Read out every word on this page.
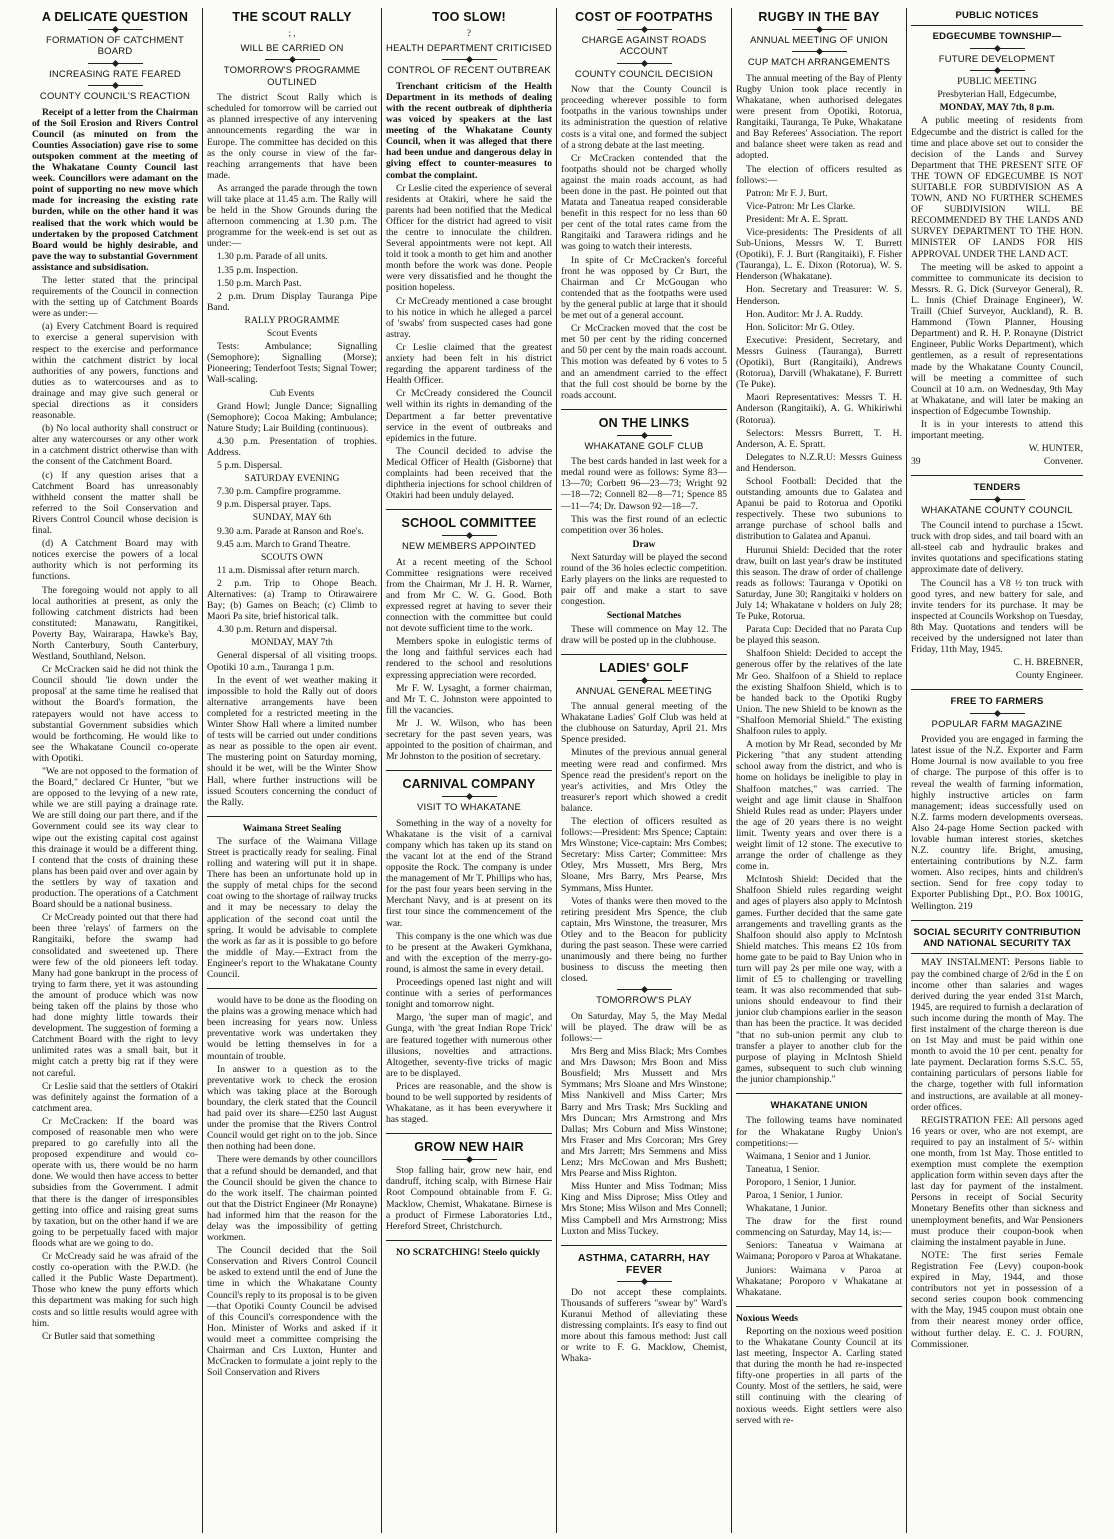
A DELICATE QUESTION
FORMATION OF CATCHMENT BOARD
INCREASING RATE FEARED
COUNTY COUNCIL'S REACTION

Receipt of a letter from the Chairman of the Soil Erosion and Rivers Control Council (as minuted on from the Counties Association) gave rise to some outspoken comment at the meeting of the Whakatane County Council last week. Councillors were adamant on the point of supporting no new move which made for increasing the existing rate burden, while on the other hand it was realised that the work which would be undertaken by the proposed Catchment Board would be highly desirable, and pave the way to substantial Government assistance and subsidisation.

The letter stated that the principal requirements of the Council in connection with the setting up of Catchment Boards were as under:—

(a) Every Catchment Board is required to exercise a general supervision with respect to the exercise and performance within the catchment district by local authorities of any powers, functions and duties as to watercourses and as to drainage and may give such general or special directions as it considers reasonable.

(b) No local authority shall construct or alter any watercourses or any other work in a catchment district otherwise than with the consent of the Catchment Board.

(c) If any question arises that a Catchment Board has unreasonably withheld consent the matter shall be referred to the Soil Conservation and Rivers Control Council whose decision is final.

(d) A Catchment Board may with notices exercise the powers of a local authority which is not performing its functions.

The foregoing would not apply to all local authorities at present, as only the following catchment districts had been constituted: Manawatu, Rangitikei, Poverty Bay, Wairarapa, Hawke's Bay, North Canterbury, South Canterbury, Westland, Southland, Nelson.

Cr McCracken said he did not think the Council should 'lie down under the proposal' at the same time he realised that without the Board's formation, the ratepayers would not have access to substantial Government subsidies which would be forthcoming. He would like to see the Whakatane Council co-operate with Opotiki.

"We are not opposed to the formation of the Board," declared Cr Hunter, "but we are opposed to the levying of a new rate, while we are still paying a drainage rate. We are still doing our part there, and if the Government could see its way clear to wipe out the existing capital cost against this drainage it would be a different thing. I contend that the costs of draining these plans has been paid over and over again by the settlers by way of taxation and production. The operations of a Catchment Board should be a national business.

Cr McCready pointed out that there had been three 'relays' of farmers on the Rangitaiki, before the swamp had consolidated and sweetened up. There were few of the old pioneers left today. Many had gone bankrupt in the process of trying to farm there, yet it was astounding the amount of produce which was now being taken off the plains by those who had done mighty little towards their development. The suggestion of forming a Catchment Board with the right to levy unlimited rates was a small bait, but it might catch a pretty big rat if they were not careful.

Cr Leslie said that the settlers of Otakiri was definitely against the formation of a catchment area.

Cr McCracken: If the board was composed of reasonable men who were prepared to go carefully into all the proposed expenditure and would co-operate with us, there would be no harm done. We would then have access to better subsidies from the Government. I admit that there is the danger of irresponsibles getting into office and raising great sums by taxation, but on the other hand if we are going to be perpetually faced with major floods what are we going to do.

Cr McCready said he was afraid of the costly co-operation with the P.W.D. (he called it the Public Waste Department). Those who knew the puny efforts which this department was making for such high costs and so little results would agree with him.

Cr Butler said that something

THE SCOUT RALLY
; ,
WILL BE CARRIED ON
TOMORROW'S PROGRAMME OUTLINED

The district Scout Rally which is scheduled for tomorrow will be carried out as planned irrespective of any intervening announcements regarding the war in Europe. The committee has decided on this as the only course in view of the far-reaching arrangements that have been made.

As arranged the parade through the town will take place at 11.45 a.m. The Rally will be held in the Show Grounds during the afternoon commencing at 1.30 p.m. The programme for the week-end is set out as under:—

1.30 p.m. Parade of all units.

1.35 p.m. Inspection.

1.50 p.m. March Past.

2 p.m. Drum Display Tauranga Pipe Band.

RALLY PROGRAMME

Scout Events

Tests: Ambulance; Signalling (Semophore); Signalling (Morse); Pioneering; Tenderfoot Tests; Signal Tower; Wall-scaling.

Cub Events

Grand Howl; Jungle Dance; Signalling (Semophore); Cocoa Making; Ambulance; Nature Study; Lair Building (continuous).

4.30 p.m. Presentation of trophies. Address.

5 p.m. Dispersal.

SATURDAY EVENING

7.30 p.m. Campfire programme.

9 p.m. Dispersal prayer. Taps.

SUNDAY, MAY 6th

9.30 a.m. Parade at Ranson and Roe's.

9.45 a.m. March to Grand Theatre.

SCOUTS OWN

11 a.m. Dismissal after return march.

2 p.m. Trip to Ohope Beach. Alternatives: (a) Tramp to Otirawairere Bay; (b) Games on Beach; (c) Climb to Maori Pa site, brief historical talk.

4.30 p.m. Return and dispersal.

MONDAY, MAY 7th

General dispersal of all visiting troops. Opotiki 10 a.m., Tauranga 1 p.m.

In the event of wet weather making it impossible to hold the Rally out of doors alternative arrangements have been completed for a restricted meeting in the Winter Show Hall where a limited number of tests will be carried out under conditions as near as possible to the open air event. The mustering point on Saturday morning, should it be wet, will be the Winter Show Hall, where further instructions will be issued Scouters concerning the conduct of the Rally.

Waimana Street Sealing

The surface of the Waimana Village Street is practically ready for sealing. Final rolling and watering will put it in shape. There has been an unfortunate hold up in the supply of metal chips for the second coat owing to the shortage of railway trucks and it may be necessary to delay the application of the second coat until the spring. It would be advisable to complete the work as far as it is possible to go before the middle of May.—Extract from the Engineer's report to the Whakatane County Council.

would have to be done as the flooding on the plains was a growing menace which had been increasing for years now. Unless preventative work was undertaken they would be letting themselves in for a mountain of trouble.

In answer to a question as to the preventative work to check the erosion which was taking place at the Borough boundary, the clerk stated that the Council had paid over its share—£250 last August under the promise that the Rivers Control Council would get right on to the job. Since then nothing had been done.

There were demands by other councillors that a refund should be demanded, and that the Council should be given the chance to do the work itself. The chairman pointed out that the District Engineer (Mr Ronayne) had informed him that the reason for the delay was the impossibility of getting workmen.

The Council decided that the Soil Conservation and Rivers Control Council be asked to extend until the end of June the time in which the Whakatane County Council's reply to its proposal is to be given—that Opotiki County Council be advised of this Council's correspondence with the Hon. Minister of Works and asked if it would meet a committee comprising the Chairman and Crs Luxton, Hunter and McCracken to formulate a joint reply to the Soil Conservation and Rivers

TOO SLOW!
?
HEALTH DEPARTMENT CRITICISED
CONTROL OF RECENT OUTBREAK

Trenchant criticism of the Health Department in its methods of dealing with the recent outbreak of diphtheria was voiced by speakers at the last meeting of the Whakatane County Council, when it was alleged that there had been undue and dangerous delay in giving effect to counter-measures to combat the complaint.

Cr Leslie cited the experience of several residents at Otakiri, where he said the parents had been notified that the Medical Officer for the district had agreed to visit the centre to innoculate the children. Several appointments were not kept. All told it took a month to get him and another month before the work was done. People were very dissatisfied and he thought the position hopeless.

Cr McCready mentioned a case brought to his notice in which he alleged a parcel of 'swabs' from suspected cases had gone astray.

Cr Leslie claimed that the greatest anxiety had been felt in his district regarding the apparent tardiness of the Health Officer.

Cr McCready considered the Council well within its rights in demanding of the Department a far better preventative service in the event of outbreaks and epidemics in the future.

The Council decided to advise the Medical Officer of Health (Gisborne) that complaints had been received that the diphtheria injections for school children of Otakiri had been unduly delayed.

SCHOOL COMMITTEE
NEW MEMBERS APPOINTED

At a recent meeting of the School Committee resignations were received from the Chairman, Mr J. H. R. Warner, and from Mr C. W. G. Good. Both expressed regret at having to sever their connection with the committee but could not devote sufficient time to the work.

Members spoke in eulogistic terms of the long and faithful services each had rendered to the school and resolutions expressing appreciation were recorded.

Mr F. W. Lysaght, a former chairman, and Mr T. C. Johnston were appointed to fill the vacancies.

Mr J. W. Wilson, who has been secretary for the past seven years, was appointed to the position of chairman, and Mr Johnston to the position of secretary.

CARNIVAL COMPANY
VISIT TO WHAKATANE

Something in the way of a novelty for Whakatane is the visit of a carnival company which has taken up its stand on the vacant lot at the end of the Strand opposite the Rock. The company is under the management of Mr T. Phillips who has, for the past four years been serving in the Merchant Navy, and is at present on its first tour since the commencement of the war.

This company is the one which was due to be present at the Awakeri Gymkhana, and with the exception of the merry-go-round, is almost the same in every detail.

Proceedings opened last night and will continue with a series of performances tonight and tomorrow night.

Margo, 'the super man of magic', and Gunga, with 'the great Indian Rope Trick' are featured together with numerous other illusions, novelties and attractions. Altogether, seventy-five tricks of magic are to be displayed.

Prices are reasonable, and the show is bound to be well supported by residents of Whakatane, as it has been everywhere it has staged.

GROW NEW HAIR

Stop falling hair, grow new hair, end dandruff, itching scalp, with Birnese Hair Root Compound obtainable from F. G. Macklow, Chemist, Whakatane. Birnese is a product of Firmese Laboratories Ltd., Hereford Street, Christchurch.

NO SCRATCHING! Steelo quickly

COST OF FOOTPATHS
CHARGE AGAINST ROADS ACCOUNT
COUNTY COUNCIL DECISION

Now that the County Council is proceeding wherever possible to form footpaths in the various townships under its administration the question of relative costs is a vital one, and formed the subject of a strong debate at the last meeting.

Cr McCracken contended that the footpaths should not be charged wholly against the main roads account, as had been done in the past. He pointed out that Matata and Taneatua reaped considerable benefit in this respect for no less than 60 per cent of the total rates came from the Rangitaiki and Tarawera ridings and he was going to watch their interests.

In spite of Cr McCracken's forceful front he was opposed by Cr Burt, the Chairman and Cr McGougan who contended that as the footpaths were used by the general public at large that it should be met out of a general account.

Cr McCracken moved that the cost be met 50 per cent by the riding concerned and 50 per cent by the main roads account. This motion was defeated by 6 votes to 5 and an amendment carried to the effect that the full cost should be borne by the roads account.

ON THE LINKS
WHAKATANE GOLF CLUB

The best cards handed in last week for a medal round were as follows: Syme 83—13—70; Corbett 96—23—73; Wright 92—18—72; Connell 82—8—71; Spence 85—11—74; Dr. Dawson 92—18—7.

This was the first round of an eclectic competition over 36 holes.

Draw

Next Saturday will be played the second round of the 36 holes eclectic competition. Early players on the links are requested to pair off and make a start to save congestion.

Sectional Matches

These will commence on May 12. The draw will be posted up in the clubhouse.

LADIES' GOLF
ANNUAL GENERAL MEETING

The annual general meeting of the Whakatane Ladies' Golf Club was held at the clubhouse on Saturday, April 21. Mrs Spence presided.

Minutes of the previous annual general meeting were read and confirmed. Mrs Spence read the president's report on the year's activities, and Mrs Otley the treasurer's report which showed a credit balance.

The election of officers resulted as follows:—President: Mrs Spence; Captain: Mrs Winstone; Vice-captain: Mrs Combes; Secretary: Miss Carter; Committee: Mrs Otley, Mrs Mussett, Mrs Berg, Mrs Sloane, Mrs Barry, Mrs Pearse, Mrs Symmans, Miss Hunter.

Votes of thanks were then moved to the retiring president Mrs Spence, the club captain, Mrs Winstone, the treasurer, Mrs Otley and to the Beacon for publicity during the past season. These were carried unanimously and there being no further business to discuss the meeting then closed.

TOMORROW'S PLAY

On Saturday, May 5, the May Medal will be played. The draw will be as follows:—

Mrs Berg and Miss Black; Mrs Combes and Mrs Dawson; Mrs Boon and Miss Bousfield; Mrs Mussett and Mrs Symmans; Mrs Sloane and Mrs Winstone; Miss Nankivell and Miss Carter; Mrs Barry and Mrs Trask; Mrs Suckling and Mrs Duncan; Mrs Armstrong and Mrs Dallas; Mrs Coburn and Miss Winstone; Mrs Fraser and Mrs Corcoran; Mrs Grey and Mrs Jarrett; Mrs Semmens and Miss Lenz; Mrs McCowan and Mrs Bushett; Mrs Pearse and Miss Righton.

Miss Hunter and Miss Todman; Miss King and Miss Diprose; Miss Otley and Mrs Stone; Miss Wilson and Mrs Connell; Miss Campbell and Mrs Armstrong; Miss Luxton and Miss Tuckey.

ASTHMA, CATARRH, HAY FEVER

Do not accept these complaints. Thousands of sufferers "swear by" Ward's Kuranui Method of alleviating these distressing complaints. It's easy to find out more about this famous method: Just call or write to F. G. Macklow, Chemist, Whaka-

RUGBY IN THE BAY
ANNUAL MEETING OF UNION
CUP MATCH ARRANGEMENTS

The annual meeting of the Bay of Plenty Rugby Union took place recently in Whakatane, when authorised delegates were present from Opotiki, Rotorua, Rangitaiki, Tauranga, Te Puke, Whakatane and Bay Referees' Association. The report and balance sheet were taken as read and adopted.

The election of officers resulted as follows:—

Patron: Mr F. J. Burt.

Vice-Patron: Mr Les Clarke.

President: Mr A. E. Spratt.

Vice-presidents: The Presidents of all Sub-Unions, Messrs W. T. Burrett (Opotiki), F. J. Burt (Rangitaiki), F. Fisher (Tauranga), L. E. Dixon (Rotorua), W. S. Henderson (Whakatane).

Hon. Secretary and Treasurer: W. S. Henderson.

Hon. Auditor: Mr J. A. Ruddy.

Hon. Solicitor: Mr G. Otley.

Executive: President, Secretary, and Messrs Guiness (Tauranga), Burrett (Opotiki), Burt (Rangitaiki), Andrews (Rotorua), Darvill (Whakatane), F. Burrett (Te Puke).

Maori Representatives: Messrs T. H. Anderson (Rangitaiki), A. G. Whikiriwhi (Rotorua).

Selectors: Messrs Burrett, T. H. Anderson, A. E. Spratt.

Delegates to N.Z.R.U: Messrs Guiness and Henderson.

School Football: Decided that the outstanding amounts due to Galatea and Apanui be paid to Rotorua and Opotiki respectively. These two subunions to arrange purchase of school balls and distribution to Galatea and Apanui.

Hurunui Shield: Decided that the roter draw, built on last year's draw be instituted this season. The draw of order of challenge reads as follows: Tauranga v Opotiki on Saturday, June 30; Rangitaiki v holders on July 14; Whakatane v holders on July 28; Te Puke, Rotorua.

Parata Cup: Decided that no Parata Cup be played this season.

Shalfoon Shield: Decided to accept the generous offer by the relatives of the late Mr Geo. Shalfoon of a Shield to replace the existing Shalfoon Shield, which is to be handed back to the Opotiki Rugby Union. The new Shield to be known as the "Shalfoon Memorial Shield." The existing Shalfoon rules to apply.

A motion by Mr Read, seconded by Mr Pickering "that any student attending school away from the district, and who is home on holidays be ineligible to play in Shalfoon matches," was carried. The weight and age limit clause in Shalfoon Shield Rules read as under: Players under the age of 20 years there is no weight limit. Twenty years and over there is a weight limit of 12 stone. The executive to arrange the order of challenge as they come in.

McIntosh Shield: Decided that the Shalfoon Shield rules regarding weight and ages of players also apply to McIntosh games. Further decided that the same gate arrangements and travelling grants as the Shalfoon should also apply to McIntosh Shield matches. This means £2 10s from home gate to be paid to Bay Union who in turn will pay 2s per mile one way, with a limit of £5 to challenging or travelling team. It was also recommended that sub-unions should endeavour to find their junior club champions earlier in the season than has been the practice. It was decided "that no sub-union permit any club to transfer a player to another club for the purpose of playing in McIntosh Shield games, subsequent to such club winning the junior championship."

WHAKATANE UNION

The following teams have nominated for the Whakatane Rugby Union's competitions:—

Waimana, 1 Senior and 1 Junior.

Taneatua, 1 Senior.

Poroporo, 1 Senior, 1 Junior.

Paroa, 1 Senior, 1 Junior.

Whakatane, 1 Junior.

The draw for the first round commencing on Saturday, May 14, is:—

Seniors: Taneatua v Waimana at Waimana; Poroporo v Paroa at Whakatane.

Juniors: Waimana v Paroa at Whakatane; Poroporo v Whakatane at Whakatane.

Noxious Weeds

Reporting on the noxious weed position to the Whakatane County Council at its last meeting, Inspector A. Carling stated that during the month he had re-inspected fifty-one properties in all parts of the County. Most of the settlers, he said, were still continuing with the clearing of noxious weeds. Eight settlers were also served with re-

PUBLIC NOTICES
EDGECUMBE TOWNSHIP—
FUTURE DEVELOPMENT

PUBLIC MEETING

Presbyterian Hall, Edgecumbe,

MONDAY, MAY 7th, 8 p.m.

A public meeting of residents from Edgecumbe and the district is called for the time and place above set out to consider the decision of the Lands and Survey Department that THE PRESENT SITE OF THE TOWN OF EDGECUMBE IS NOT SUITABLE FOR SUBDIVISION AS A TOWN, AND NO FURTHER SCHEMES OF SUBDIVISION WILL BE RECOMMENDED BY THE LANDS AND SURVEY DEPARTMENT TO THE HON. MINISTER OF LANDS FOR HIS APPROVAL UNDER THE LAND ACT.

The meeting will be asked to appoint a committee to communicate its decision to Messrs. R. G. Dick (Surveyor General), R. L. Innis (Chief Drainage Engineer), W. Traill (Chief Surveyor, Auckland), R. B. Hammond (Town Planner, Housing Department) and R. H. P. Ronayne (District Engineer, Public Works Department), which gentlemen, as a result of representations made by the Whakatane County Council, will be meeting a committee of such Council at 10 a.m. on Wednesday, 9th May at Whakatane, and will later be making an inspection of Edgecumbe Township.

It is in your interests to attend this important meeting.

W. HUNTER,

39	Convener.
TENDERS
WHAKATANE COUNTY COUNCIL

The Council intend to purchase a 15cwt. truck with drop sides, and tail board with an all-steel cab and hydraulic brakes and invites quotations and specifications stating approximate date of delivery.

The Council has a V8 ½ ton truck with good tyres, and new battery for sale, and invite tenders for its purchase. It may be inspected at Councils Workshop on Tuesday, 8th May. Quotations and tenders will be received by the undersigned not later than Friday, 11th May, 1945.

C. H. BREBNER,

County Engineer.

FREE TO FARMERS
POPULAR FARM MAGAZINE

Provided you are engaged in farming the latest issue of the N.Z. Exporter and Farm Home Journal is now available to you free of charge. The purpose of this offer is to reveal the wealth of farming information, highly instructive articles on farm management; ideas successfully used on N.Z. farms modern developments overseas. Also 24-page Home Section packed with lovable human interest stories, sketches N.Z. country life. Bright, amusing, entertaining contributions by N.Z. farm women. Also recipes, hints and children's section. Send for free copy today to Exporter Publishing Dpt., P.O. Box 1001G, Wellington. 219

SOCIAL SECURITY CONTRIBUTION AND NATIONAL SECURITY TAX

MAY INSTALMENT: Persons liable to pay the combined charge of 2/6d in the £ on income other than salaries and wages derived during the year ended 31st March, 1945, are required to furnish a declaration of such income during the month of May. The first instalment of the charge thereon is due on 1st May and must be paid within one month to avoid the 10 per cent. penalty for late payment. Declaration forms S.S.C. 55, containing particulars of persons liable for the charge, together with full information and instructions, are available at all money-order offices.

REGISTRATION FEE: All persons aged 16 years or over, who are not exempt, are required to pay an instalment of 5/- within one month, from 1st May. Those entitled to exemption must complete the exemption application form within seven days after the last day for payment of the instalment. Persons in receipt of Social Security Monetary Benefits other than sickness and unemployment benefits, and War Pensioners must produce their coupon-book when claiming the instalment payable in June.

NOTE: The first series Female Registration Fee (Levy) coupon-book expired in May, 1944, and those contributors not yet in possession of a second series coupon book commencing with the May, 1945 coupon must obtain one from their nearest money order office, without further delay. E. C. J. FOURN, Commissioner.
